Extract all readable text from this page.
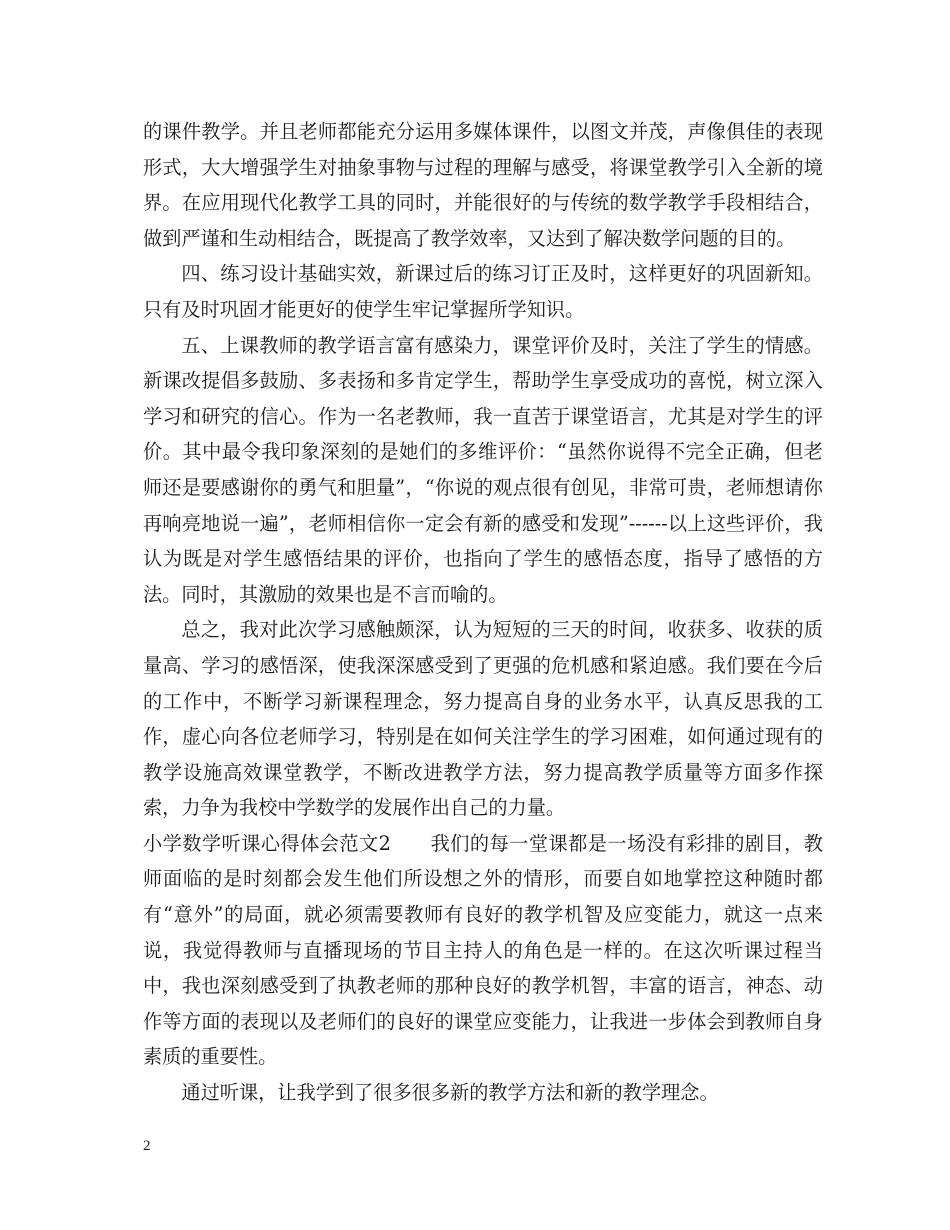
的课件教学。并且老师都能充分运用多媒体课件，以图文并茂，声像俱佳的表现形式，大大增强学生对抽象事物与过程的理解与感受，将课堂教学引入全新的境界。在应用现代化教学工具的同时，并能很好的与传统的数学教学手段相结合，做到严谨和生动相结合，既提高了教学效率，又达到了解决数学问题的目的。

四、练习设计基础实效，新课过后的练习订正及时，这样更好的巩固新知。只有及时巩固才能更好的使学生牢记掌握所学知识。

五、上课教师的教学语言富有感染力，课堂评价及时，关注了学生的情感。新课改提倡多鼓励、多表扬和多肯定学生，帮助学生享受成功的喜悦，树立深入学习和研究的信心。作为一名老教师，我一直苦于课堂语言，尤其是对学生的评价。其中最令我印象深刻的是她们的多维评价：“虽然你说得不完全正确，但老师还是要感谢你的勇气和胆量”，“你说的观点很有创见，非常可贵，老师想请你再响亮地说一遍”，老师相信你一定会有新的感受和发现”------以上这些评价，我认为既是对学生感悟结果的评价，也指向了学生的感悟态度，指导了感悟的方法。同时，其激励的效果也是不言而喻的。

总之，我对此次学习感触颇深，认为短短的三天的时间，收获多、收获的质量高、学习的感悟深，使我深深感受到了更强的危机感和紧迫感。我们要在今后的工作中，不断学习新课程理念，努力提高自身的业务水平，认真反思我的工作，虚心向各位老师学习，特别是在如何关注学生的学习困难，如何通过现有的教学设施高效课堂教学，不断改进教学方法，努力提高教学质量等方面多作探索，力争为我校中学数学的发展作出自己的力量。

小学数学听课心得体会范文2　　 我们的每一堂课都是一场没有彩排的剧目，教师面临的是时刻都会发生他们所设想之外的情形，而要自如地掌控这种随时都有“意外”的局面，就必须需要教师有良好的教学机智及应变能力，就这一点来说，我觉得教师与直播现场的节目主持人的角色是一样的。在这次听课过程当中，我也深刻感受到了执教老师的那种良好的教学机智，丰富的语言，神态、动作等方面的表现以及老师们的良好的课堂应变能力，让我进一步体会到教师自身素质的重要性。

通过听课，让我学到了很多很多新的教学方法和新的教学理念。

2
